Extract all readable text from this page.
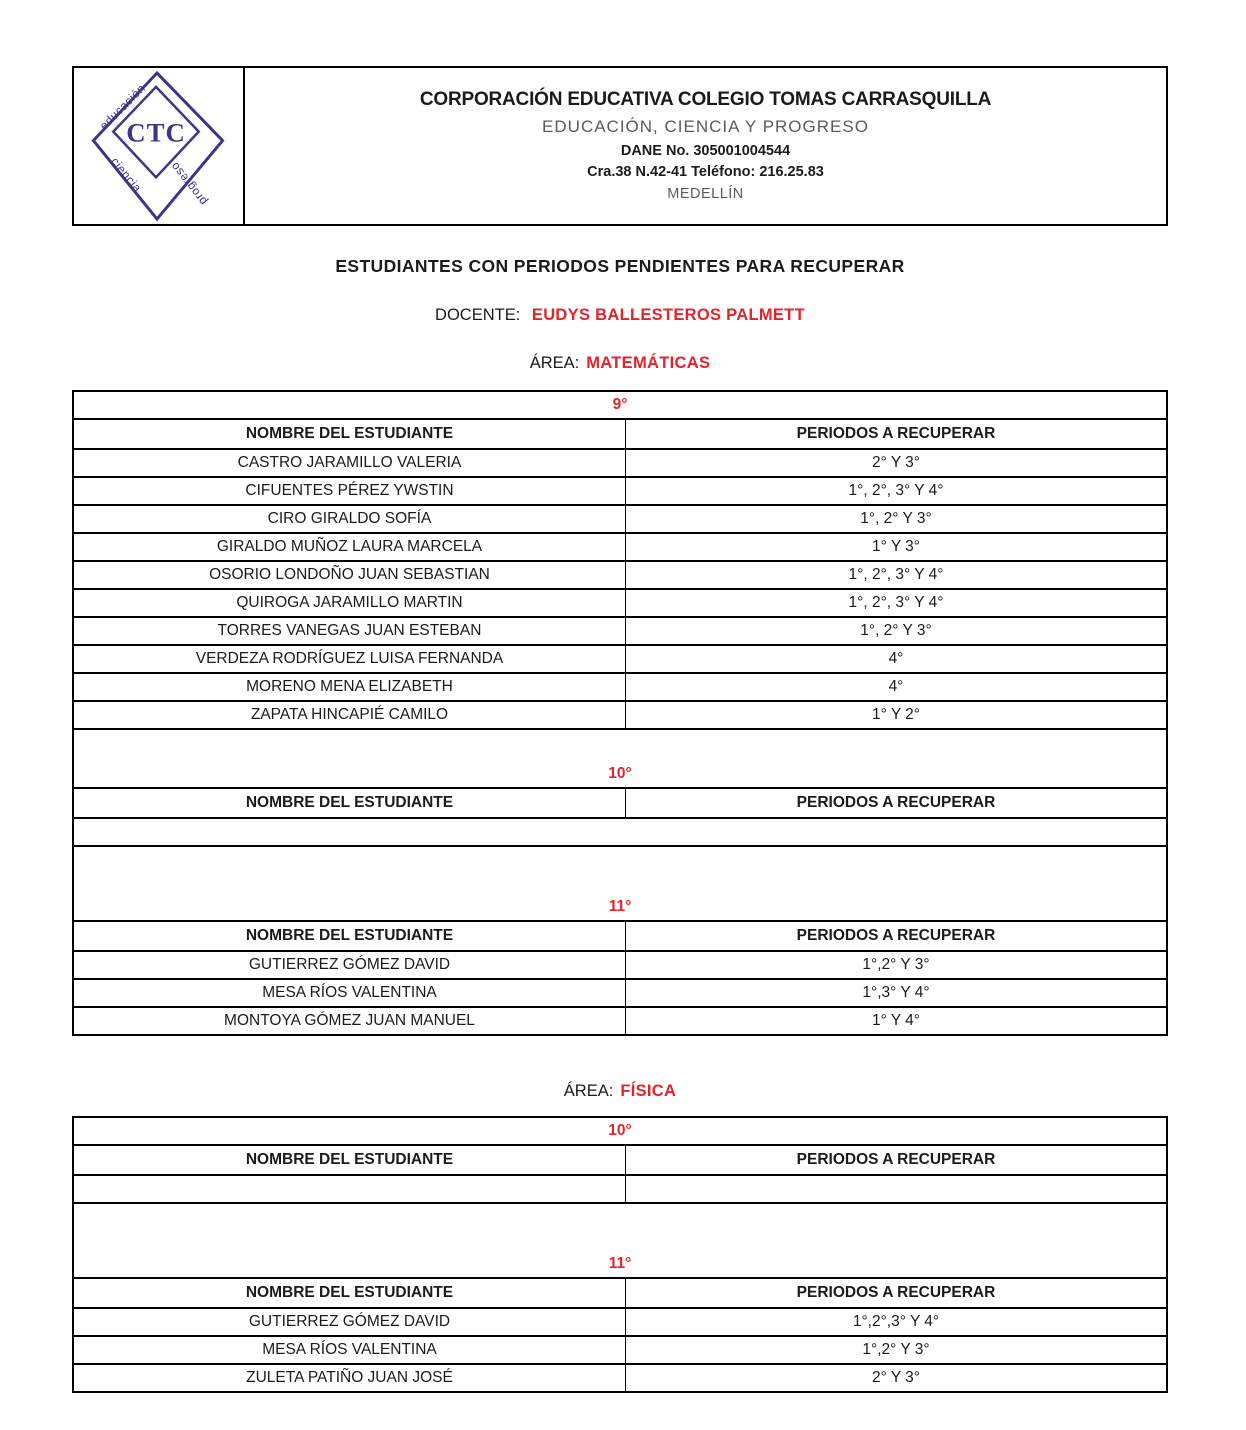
CTC
educación
ciencia progreso
CORPORACIÓN EDUCATIVA COLEGIO TOMAS CARRASQUILLA
EDUCACIÓN, CIENCIA Y PROGRESO
DANE No. 305001004544
Cra.38 N.42-41 Teléfono: 216.25.83
MEDELLÍN
ESTUDIANTES CON PERIODOS PENDIENTES PARA RECUPERAR
DOCENTE: EUDYS BALLESTEROS PALMETT
ÁREA: MATEMÁTICAS
9°	
NOMBRE DEL ESTUDIANTE	PERIODOS A RECUPERAR
CASTRO JARAMILLO VALERIA	2° Y 3°
CIFUENTES PÉREZ YWSTIN	1°, 2°, 3° Y 4°
CIRO GIRALDO SOFÍA	1°, 2° Y 3°
GIRALDO MUÑOZ LAURA MARCELA	1° Y 3°
OSORIO LONDOÑO JUAN SEBASTIAN	1°, 2°, 3° Y 4°
QUIROGA JARAMILLO MARTIN	1°, 2°, 3° Y 4°
TORRES VANEGAS JUAN ESTEBAN	1°, 2° Y 3°
VERDEZA RODRÍGUEZ LUISA FERNANDA	4°
MORENO MENA ELIZABETH	4°
ZAPATA HINCAPIÉ CAMILO	1° Y 2°
10°	
NOMBRE DEL ESTUDIANTE	PERIODOS A RECUPERAR

11°	
NOMBRE DEL ESTUDIANTE	PERIODOS A RECUPERAR
GUTIERREZ GÓMEZ DAVID	1°,2° Y 3°
MESA RÍOS VALENTINA	1°,3° Y 4°
MONTOYA GÓMEZ JUAN MANUEL	1° Y 4°
ÁREA: FÍSICA
10°	
NOMBRE DEL ESTUDIANTE	PERIODOS A RECUPERAR

11°	
NOMBRE DEL ESTUDIANTE	PERIODOS A RECUPERAR
GUTIERREZ GÓMEZ DAVID	1°,2°,3° Y 4°
MESA RÍOS VALENTINA	1°,2° Y 3°
ZULETA PATIÑO JUAN JOSÉ	2° Y 3°
